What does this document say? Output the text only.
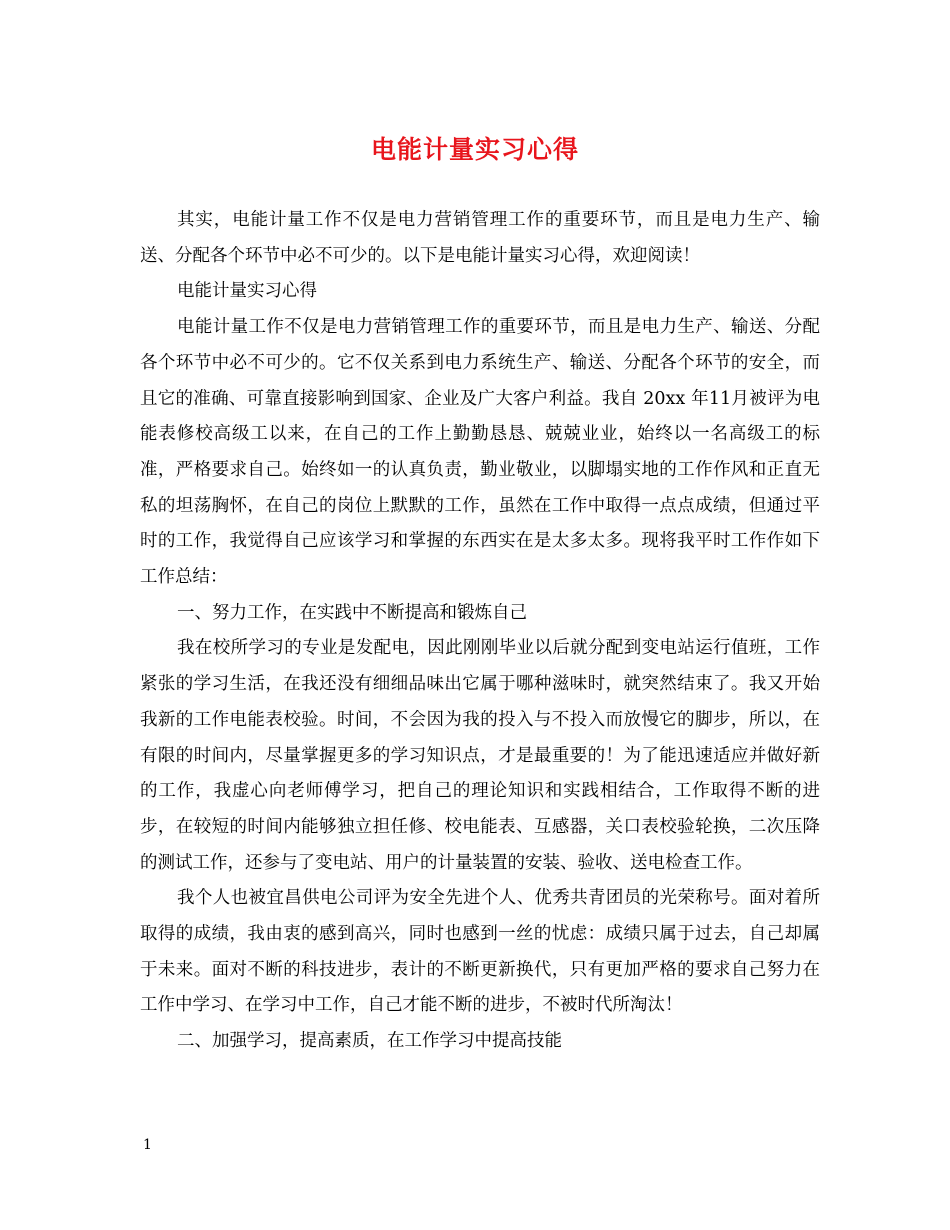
电能计量实习心得

其实，电能计量工作不仅是电力营销管理工作的重要环节，而且是电力生产、输送、分配各个环节中必不可少的。以下是电能计量实习心得，欢迎阅读！

电能计量实习心得

电能计量工作不仅是电力营销管理工作的重要环节，而且是电力生产、输送、分配各个环节中必不可少的。它不仅关系到电力系统生产、输送、分配各个环节的安全，而且它的准确、可靠直接影响到国家、企业及广大客户利益。我自 20xx 年11月被评为电能表修校高级工以来，在自己的工作上勤勤恳恳、兢兢业业，始终以一名高级工的标准，严格要求自己。始终如一的认真负责，勤业敬业，以脚塌实地的工作作风和正直无私的坦荡胸怀，在自己的岗位上默默的工作，虽然在工作中取得一点点成绩，但通过平时的工作，我觉得自己应该学习和掌握的东西实在是太多太多。现将我平时工作作如下工作总结：

一、努力工作，在实践中不断提高和锻炼自己

我在校所学习的专业是发配电，因此刚刚毕业以后就分配到变电站运行值班，工作紧张的学习生活，在我还没有细细品味出它属于哪种滋味时，就突然结束了。我又开始我新的工作电能表校验。时间，不会因为我的投入与不投入而放慢它的脚步，所以，在有限的时间内，尽量掌握更多的学习知识点，才是最重要的！为了能迅速适应并做好新的工作，我虚心向老师傅学习，把自己的理论知识和实践相结合，工作取得不断的进步，在较短的时间内能够独立担任修、校电能表、互感器，关口表校验轮换，二次压降的测试工作，还参与了变电站、用户的计量装置的安装、验收、送电检查工作。

我个人也被宜昌供电公司评为安全先进个人、优秀共青团员的光荣称号。面对着所取得的成绩，我由衷的感到高兴，同时也感到一丝的忧虑：成绩只属于过去，自己却属于未来。面对不断的科技进步，表计的不断更新换代，只有更加严格的要求自己努力在工作中学习、在学习中工作，自己才能不断的进步，不被时代所淘汰！

二、加强学习，提高素质，在工作学习中提高技能

1
